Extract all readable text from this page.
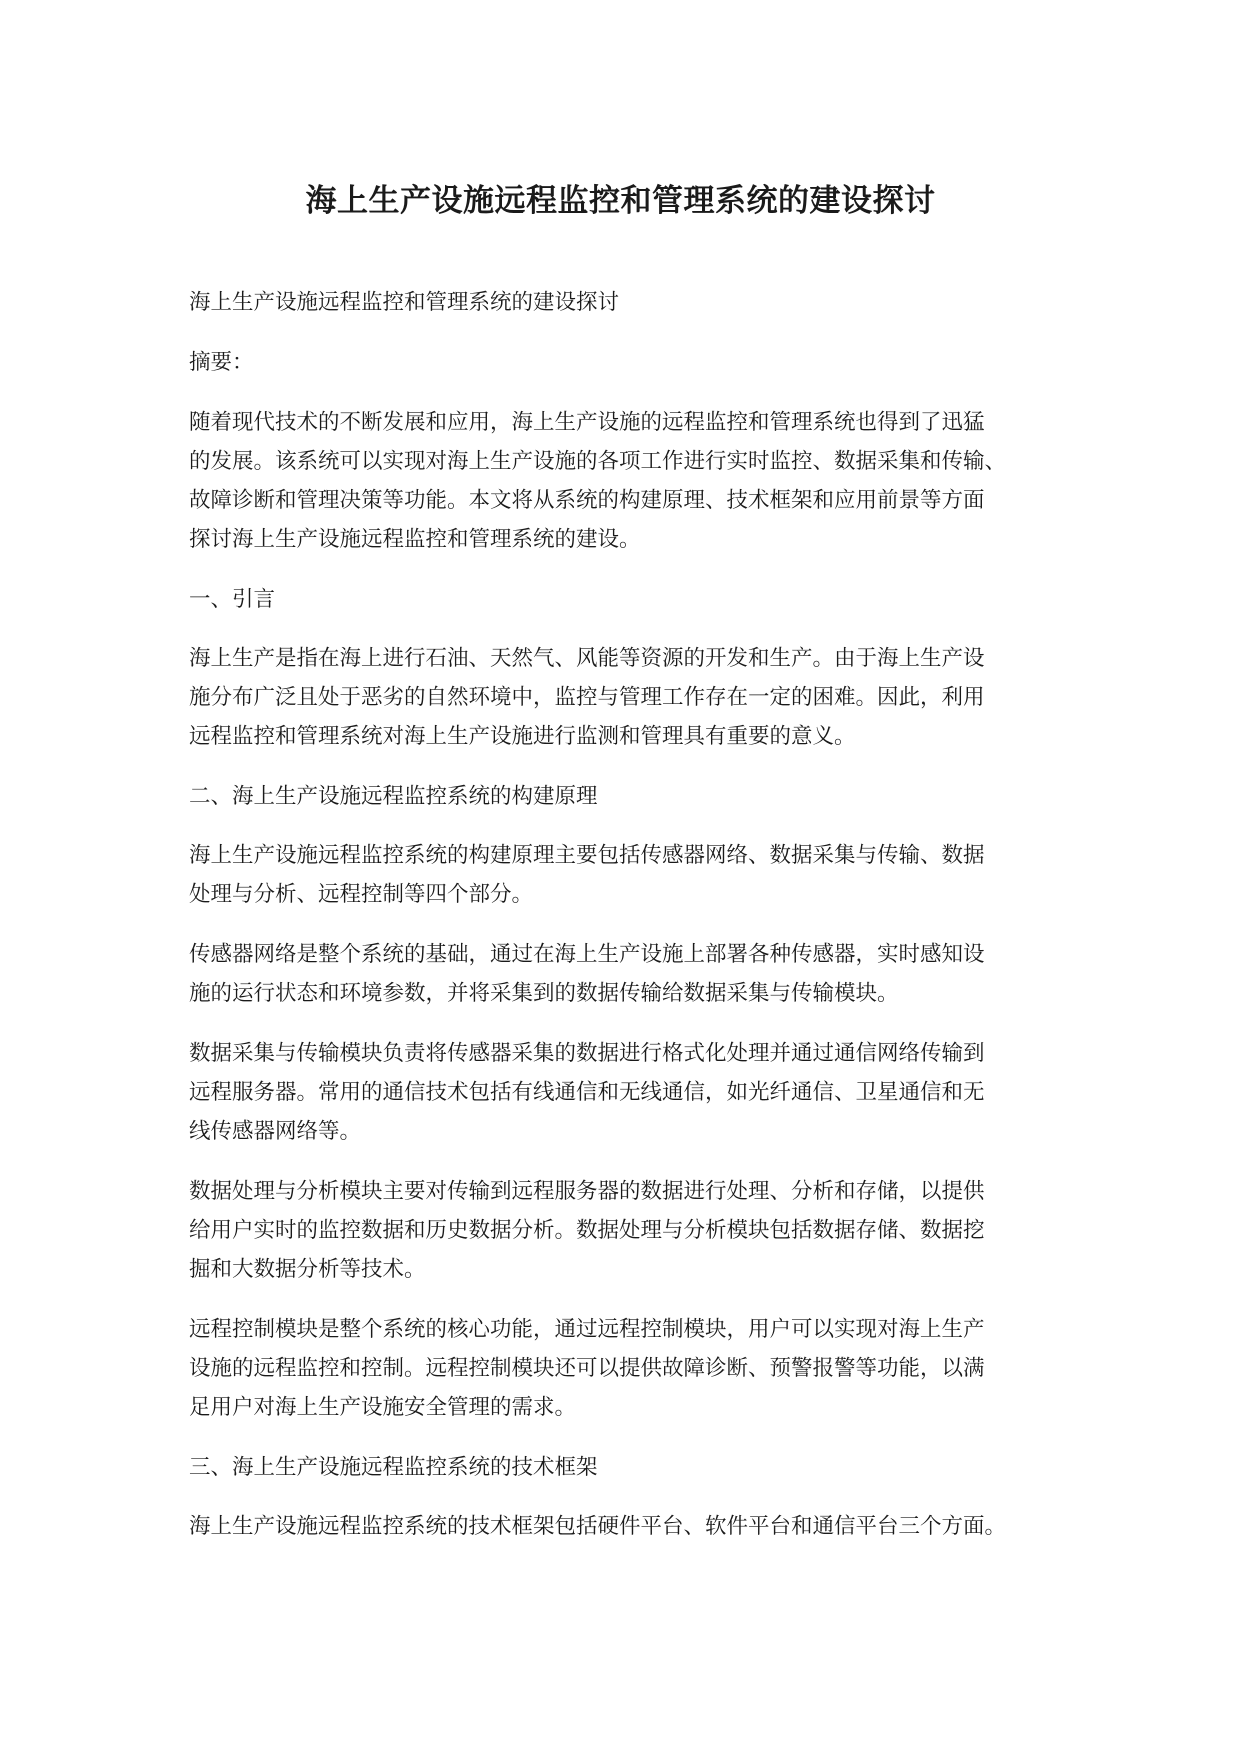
海上生产设施远程监控和管理系统的建设探讨

海上生产设施远程监控和管理系统的建设探讨

摘要：

随着现代技术的不断发展和应用，海上生产设施的远程监控和管理系统也得到了迅猛
的发展。该系统可以实现对海上生产设施的各项工作进行实时监控、数据采集和传输、
故障诊断和管理决策等功能。本文将从系统的构建原理、技术框架和应用前景等方面
探讨海上生产设施远程监控和管理系统的建设。

一、引言

海上生产是指在海上进行石油、天然气、风能等资源的开发和生产。由于海上生产设
施分布广泛且处于恶劣的自然环境中，监控与管理工作存在一定的困难。因此，利用
远程监控和管理系统对海上生产设施进行监测和管理具有重要的意义。

二、海上生产设施远程监控系统的构建原理

海上生产设施远程监控系统的构建原理主要包括传感器网络、数据采集与传输、数据
处理与分析、远程控制等四个部分。

传感器网络是整个系统的基础，通过在海上生产设施上部署各种传感器，实时感知设
施的运行状态和环境参数，并将采集到的数据传输给数据采集与传输模块。

数据采集与传输模块负责将传感器采集的数据进行格式化处理并通过通信网络传输到
远程服务器。常用的通信技术包括有线通信和无线通信，如光纤通信、卫星通信和无
线传感器网络等。

数据处理与分析模块主要对传输到远程服务器的数据进行处理、分析和存储，以提供
给用户实时的监控数据和历史数据分析。数据处理与分析模块包括数据存储、数据挖
掘和大数据分析等技术。

远程控制模块是整个系统的核心功能，通过远程控制模块，用户可以实现对海上生产
设施的远程监控和控制。远程控制模块还可以提供故障诊断、预警报警等功能，以满
足用户对海上生产设施安全管理的需求。

三、海上生产设施远程监控系统的技术框架

海上生产设施远程监控系统的技术框架包括硬件平台、软件平台和通信平台三个方面。
